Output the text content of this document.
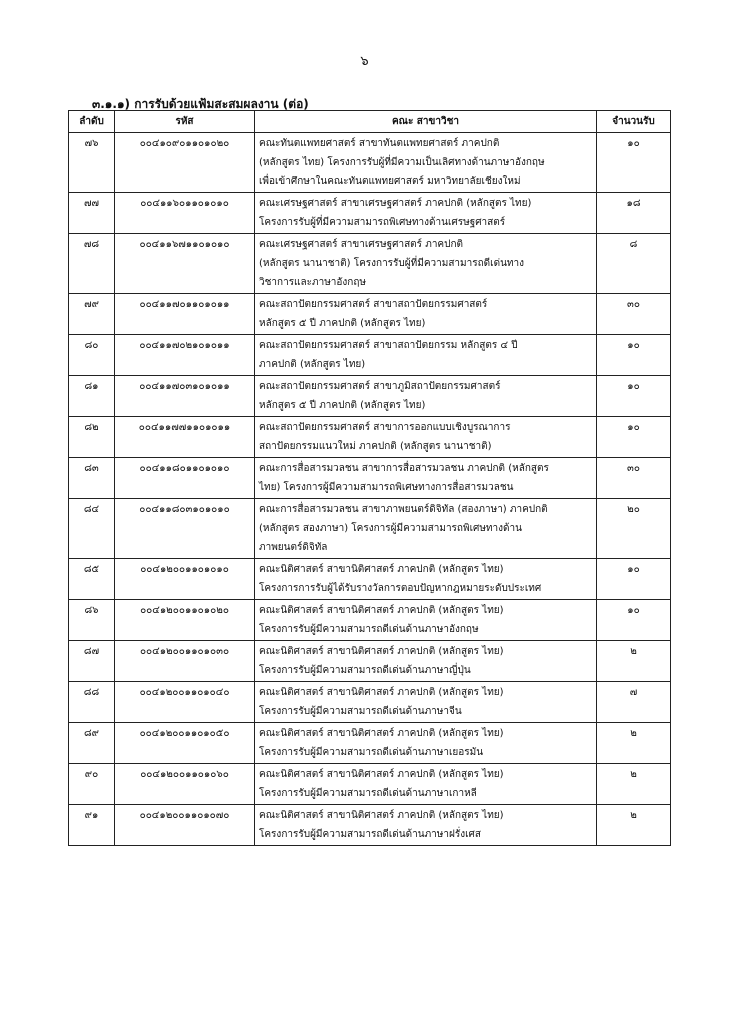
๖
๓.๑.๑) การรับด้วยแฟ้มสะสมผลงาน (ต่อ)
ลำดับ	รหัส	คณะ สาขาวิชา	จำนวนรับ
๗๖	๐๐๔๑๐๙๐๑๑๐๑๐๒๐	คณะทันตแพทยศาสตร์ สาขาทันตแพทยศาสตร์ ภาคปกติ
(หลักสูตร ไทย) โครงการรับผู้ที่มีความเป็นเลิศทางด้านภาษาอังกฤษ
เพื่อเข้าศึกษาในคณะทันตแพทยศาสตร์ มหาวิทยาลัยเชียงใหม่	๑๐
๗๗	๐๐๔๑๑๖๐๑๑๐๑๐๑๐	คณะเศรษฐศาสตร์ สาขาเศรษฐศาสตร์ ภาคปกติ (หลักสูตร ไทย)
โครงการรับผู้ที่มีความสามารถพิเศษทางด้านเศรษฐศาสตร์	๑๘
๗๘	๐๐๔๑๑๖๗๑๑๐๑๐๑๐	คณะเศรษฐศาสตร์ สาขาเศรษฐศาสตร์ ภาคปกติ
(หลักสูตร นานาชาติ) โครงการรับผู้ที่มีความสามารถดีเด่นทาง
วิชาการและภาษาอังกฤษ	๘
๗๙	๐๐๔๑๑๗๐๑๑๐๑๐๑๑	คณะสถาปัตยกรรมศาสตร์ สาขาสถาปัตยกรรมศาสตร์
หลักสูตร ๕ ปี ภาคปกติ (หลักสูตร ไทย)	๓๐
๘๐	๐๐๔๑๑๗๐๒๑๐๑๐๑๑	คณะสถาปัตยกรรมศาสตร์ สาขาสถาปัตยกรรม หลักสูตร ๔ ปี
ภาคปกติ (หลักสูตร ไทย)	๑๐
๘๑	๐๐๔๑๑๗๐๓๑๐๑๐๑๑	คณะสถาปัตยกรรมศาสตร์ สาขาภูมิสถาปัตยกรรมศาสตร์
หลักสูตร ๕ ปี ภาคปกติ (หลักสูตร ไทย)	๑๐
๘๒	๐๐๔๑๑๗๗๑๑๐๑๐๑๑	คณะสถาปัตยกรรมศาสตร์ สาขาการออกแบบเชิงบูรณาการ
สถาปัตยกรรมแนวใหม่ ภาคปกติ (หลักสูตร นานาชาติ)	๑๐
๘๓	๐๐๔๑๑๘๐๑๑๐๑๐๑๐	คณะการสื่อสารมวลชน สาขาการสื่อสารมวลชน ภาคปกติ (หลักสูตร
ไทย) โครงการผู้มีความสามารถพิเศษทางการสื่อสารมวลชน	๓๐
๘๔	๐๐๔๑๑๘๐๓๑๐๑๐๑๐	คณะการสื่อสารมวลชน สาขาภาพยนตร์ดิจิทัล (สองภาษา) ภาคปกติ
(หลักสูตร สองภาษา) โครงการผู้มีความสามารถพิเศษทางด้าน
ภาพยนตร์ดิจิทัล	๒๐
๘๕	๐๐๔๑๒๐๐๑๑๐๑๐๑๐	คณะนิติศาสตร์ สาขานิติศาสตร์ ภาคปกติ (หลักสูตร ไทย)
โครงการการรับผู้ได้รับรางวัลการตอบปัญหากฎหมายระดับประเทศ	๑๐
๘๖	๐๐๔๑๒๐๐๑๑๐๑๐๒๐	คณะนิติศาสตร์ สาขานิติศาสตร์ ภาคปกติ (หลักสูตร ไทย)
โครงการรับผู้มีความสามารถดีเด่นด้านภาษาอังกฤษ	๑๐
๘๗	๐๐๔๑๒๐๐๑๑๐๑๐๓๐	คณะนิติศาสตร์ สาขานิติศาสตร์ ภาคปกติ (หลักสูตร ไทย)
โครงการรับผู้มีความสามารถดีเด่นด้านภาษาญี่ปุ่น	๒
๘๘	๐๐๔๑๒๐๐๑๑๐๑๐๔๐	คณะนิติศาสตร์ สาขานิติศาสตร์ ภาคปกติ (หลักสูตร ไทย)
โครงการรับผู้มีความสามารถดีเด่นด้านภาษาจีน	๗
๘๙	๐๐๔๑๒๐๐๑๑๐๑๐๕๐	คณะนิติศาสตร์ สาขานิติศาสตร์ ภาคปกติ (หลักสูตร ไทย)
โครงการรับผู้มีความสามารถดีเด่นด้านภาษาเยอรมัน	๒
๙๐	๐๐๔๑๒๐๐๑๑๐๑๐๖๐	คณะนิติศาสตร์ สาขานิติศาสตร์ ภาคปกติ (หลักสูตร ไทย)
โครงการรับผู้มีความสามารถดีเด่นด้านภาษาเกาหลี	๒
๙๑	๐๐๔๑๒๐๐๑๑๐๑๐๗๐	คณะนิติศาสตร์ สาขานิติศาสตร์ ภาคปกติ (หลักสูตร ไทย)
โครงการรับผู้มีความสามารถดีเด่นด้านภาษาฝรั่งเศส	๒
